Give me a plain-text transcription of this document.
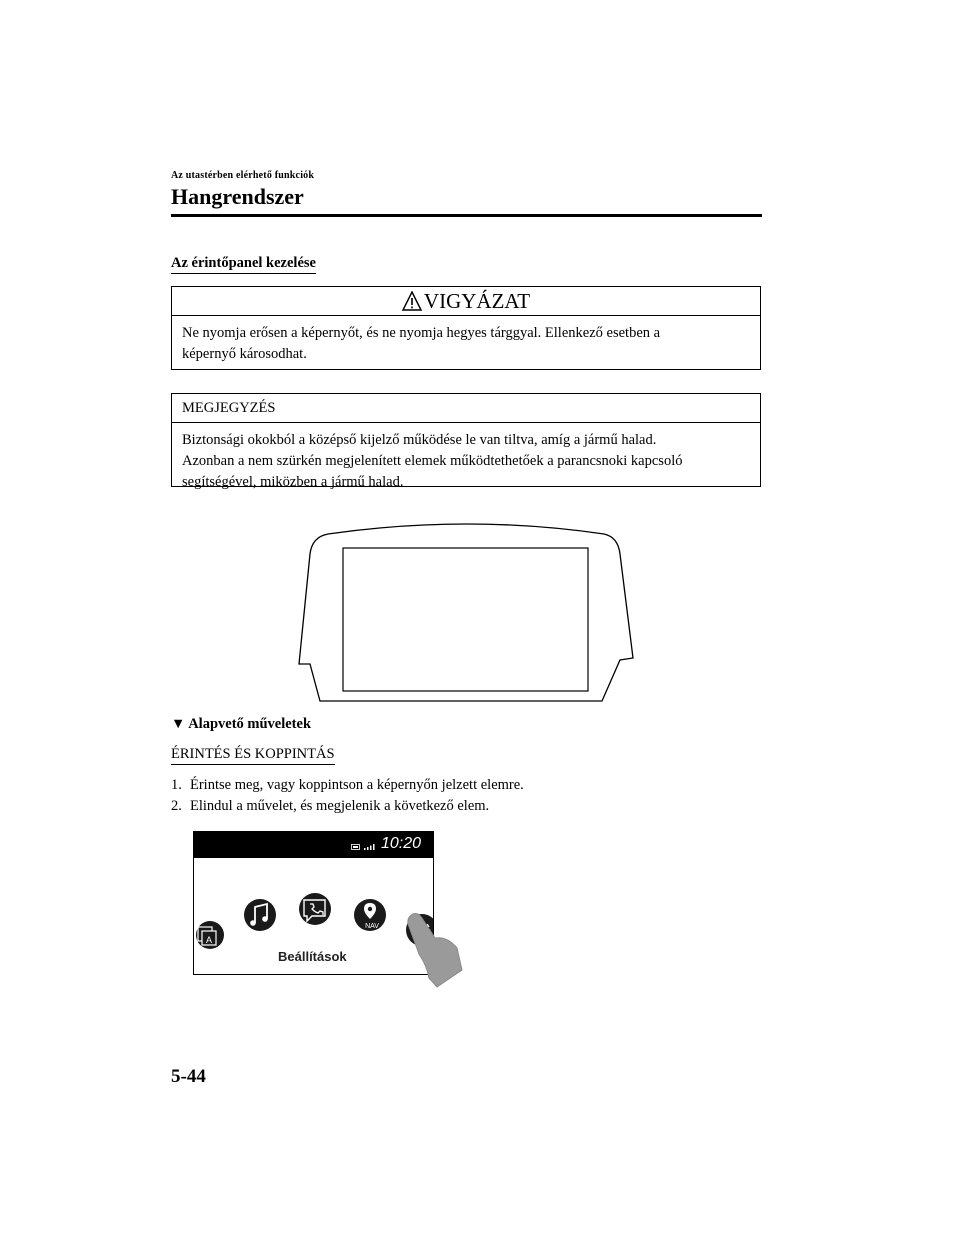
Az utastérben elérhető funkciók
Hangrendszer
Az érintőpanel kezelése
VIGYÁZAT
Ne nyomja erősen a képernyőt, és ne nyomja hegyes tárggyal. Ellenkező esetben a
képernyő károsodhat.
MEGJEGYZÉS
Biztonsági okokból a középső kijelző működése le van tiltva, amíg a jármű halad.
Azonban a nem szürkén megjelenített elemek működtethetőek a parancsnoki kapcsoló
segítségével, miközben a jármű halad.
▼ Alapvető műveletek
ÉRINTÉS ÉS KOPPINTÁS
1. Érintse meg, vagy koppintson a képernyőn jelzett elemre.
2. Elindul a művelet, és megjelenik a következő elem.
10:20
A
NAV
Beállítások
5-44
